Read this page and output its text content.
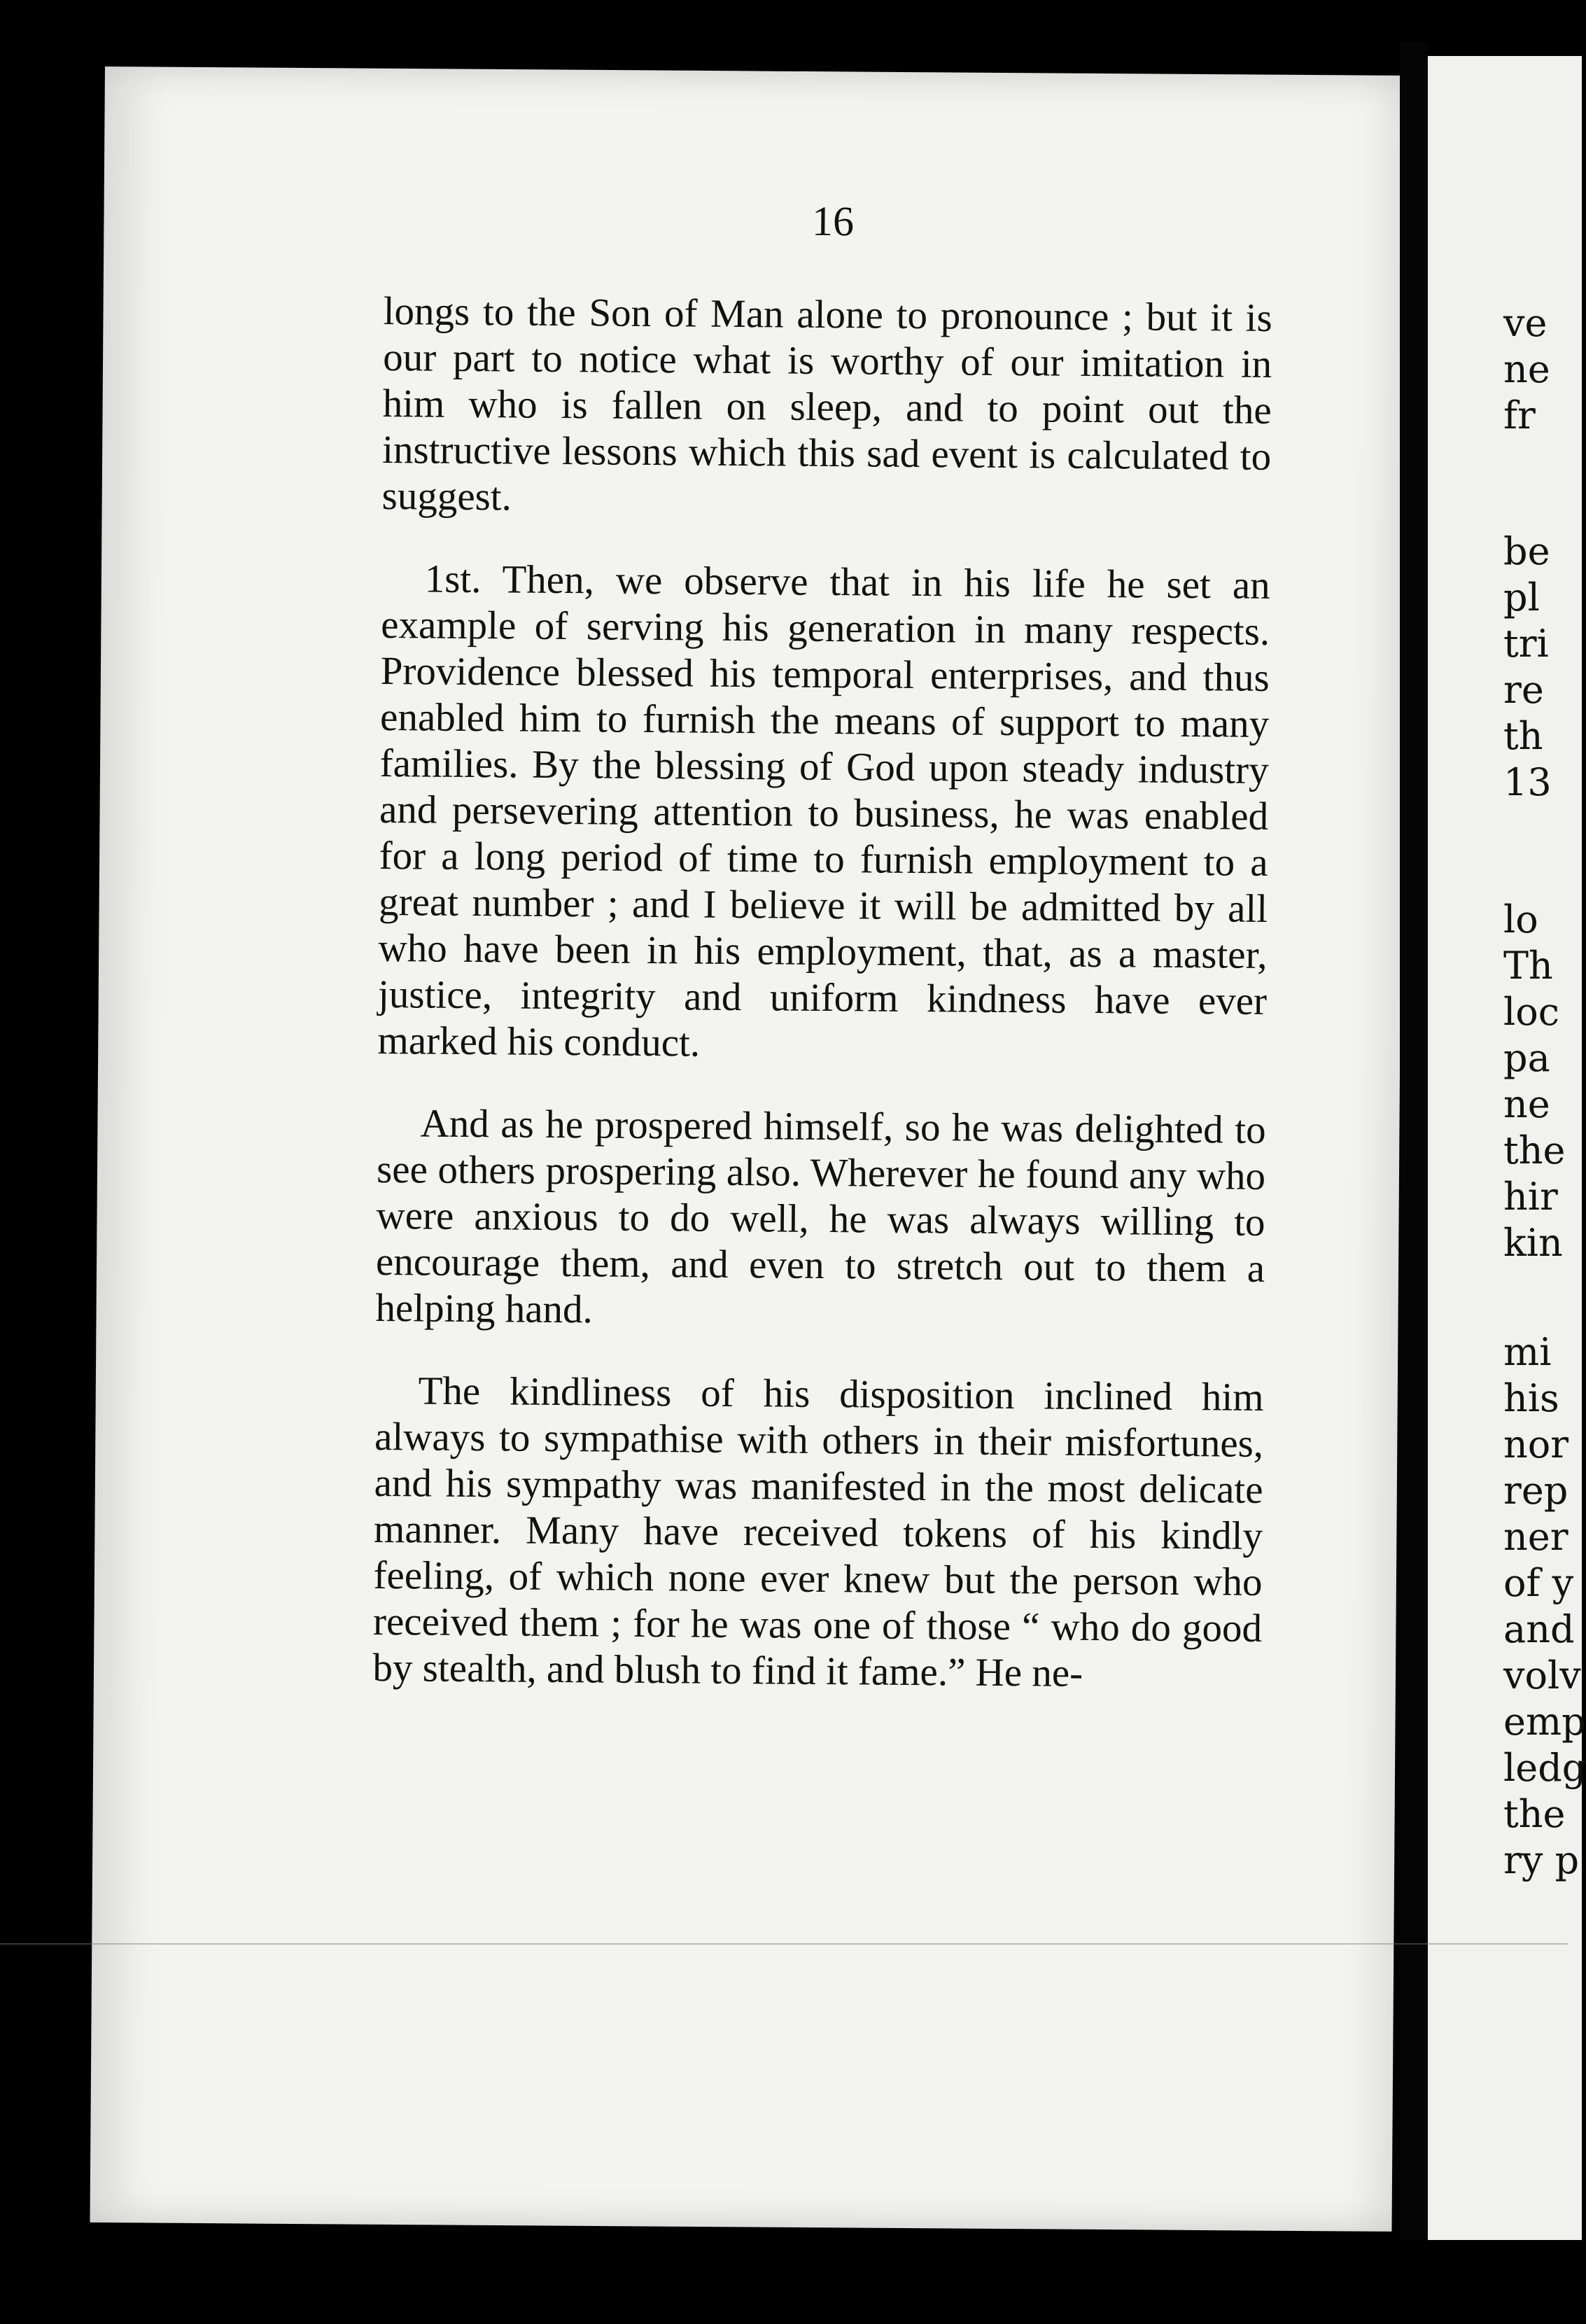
16

longs to the Son of Man alone to pronounce ; but it is our part to notice what is worthy of our imitation in him who is fallen on sleep, and to point out the instructive lessons which this sad event is calculated to suggest.

1st. Then, we observe that in his life he set an example of serving his generation in many respects. Providence blessed his temporal enterprises, and thus enabled him to furnish the means of support to many families. By the blessing of God upon steady industry and persevering attention to business, he was enabled for a long period of time to furnish employment to a great number ; and I believe it will be admitted by all who have been in his employment, that, as a master, justice, integrity and uniform kindness have ever marked his conduct.

And as he prospered himself, so he was delighted to see others prospering also. Wherever he found any who were anxious to do well, he was always willing to encourage them, and even to stretch out to them a helping hand.

The kindliness of his disposition inclined him always to sympathise with others in their misfortunes, and his sympathy was manifested in the most delicate manner. Many have received tokens of his kindly feeling, of which none ever knew but the person who received them ; for he was one of those “ who do good by stealth, and blush to find it fame.” He ne-

ve
ne
fr
be
pl
tri
re
th
13
lo
Th
loc
pa
ne
the
hir
kin
mi
his
nor
rep
ner
of y
and
volv
emp
ledg
the
ry p
